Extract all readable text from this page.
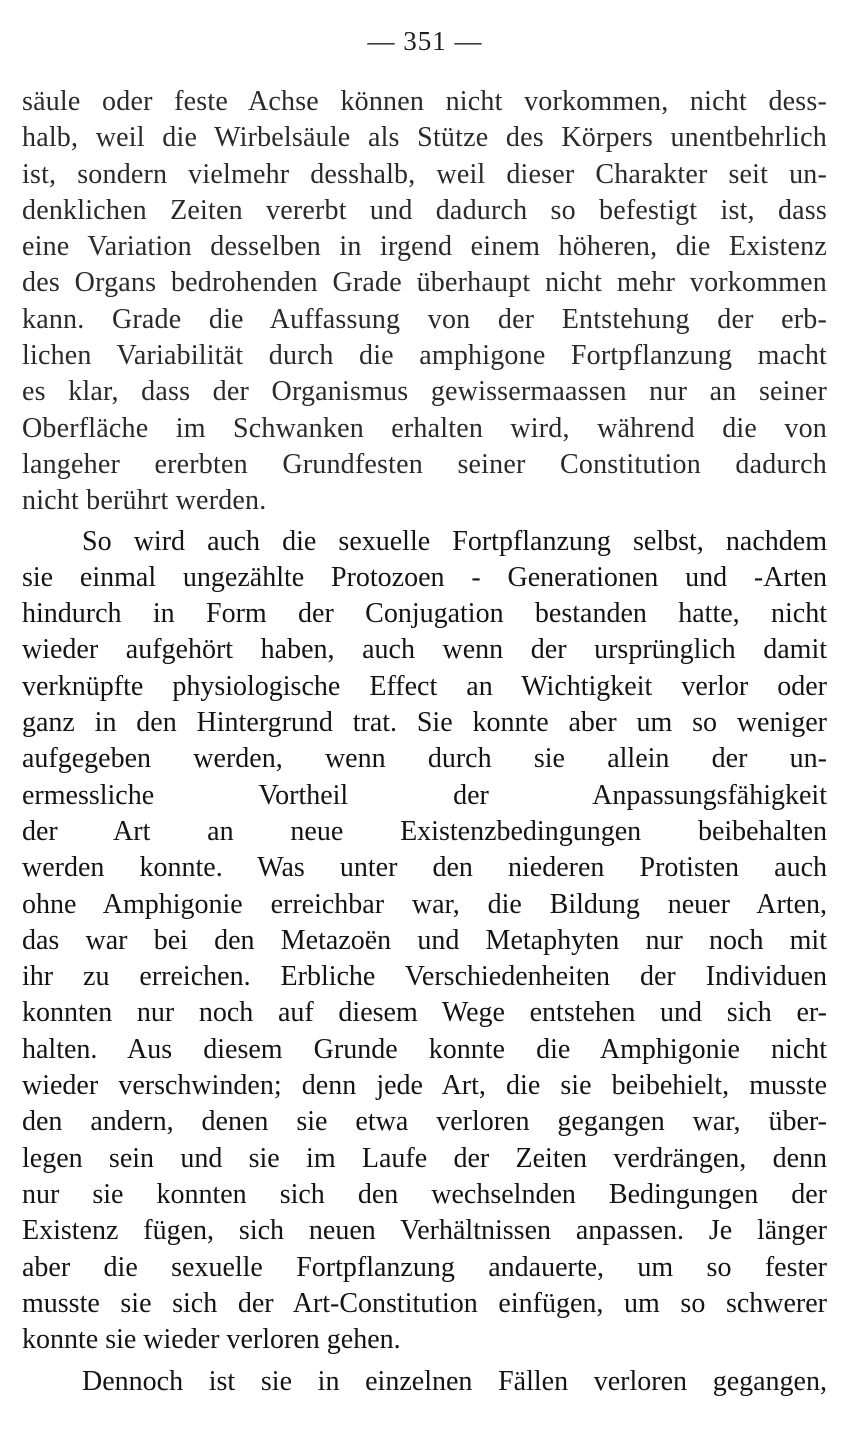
— 351 —
säule oder feste Achse können nicht vorkommen, nicht dess-
halb, weil die Wirbelsäule als Stütze des Körpers unentbehrlich
ist, sondern vielmehr desshalb, weil dieser Charakter seit un-
denklichen Zeiten vererbt und dadurch so befestigt ist, dass
eine Variation desselben in irgend einem höheren, die Existenz
des Organs bedrohenden Grade überhaupt nicht mehr vorkommen
kann. Grade die Auffassung von der Entstehung der erb-
lichen Variabilität durch die amphigone Fortpflanzung macht
es klar, dass der Organismus gewissermaassen nur an seiner
Oberfläche im Schwanken erhalten wird, während die von
langeher ererbten Grundfesten seiner Constitution dadurch
nicht berührt werden.
So wird auch die sexuelle Fortpflanzung selbst, nachdem
sie einmal ungezählte Protozoen - Generationen und -Arten
hindurch in Form der Conjugation bestanden hatte, nicht
wieder aufgehört haben, auch wenn der ursprünglich damit
verknüpfte physiologische Effect an Wichtigkeit verlor oder
ganz in den Hintergrund trat. Sie konnte aber um so weniger
aufgegeben werden, wenn durch sie allein der un-
ermessliche Vortheil der Anpassungsfähigkeit
der Art an neue Existenzbedingungen beibehalten
werden konnte. Was unter den niederen Protisten auch
ohne Amphigonie erreichbar war, die Bildung neuer Arten,
das war bei den Metazoën und Metaphyten nur noch mit
ihr zu erreichen. Erbliche Verschiedenheiten der Individuen
konnten nur noch auf diesem Wege entstehen und sich er-
halten. Aus diesem Grunde konnte die Amphigonie nicht
wieder verschwinden; denn jede Art, die sie beibehielt, musste
den andern, denen sie etwa verloren gegangen war, über-
legen sein und sie im Laufe der Zeiten verdrängen, denn
nur sie konnten sich den wechselnden Bedingungen der
Existenz fügen, sich neuen Verhältnissen anpassen. Je länger
aber die sexuelle Fortpflanzung andauerte, um so fester
musste sie sich der Art-Constitution einfügen, um so schwerer
konnte sie wieder verloren gehen.
Dennoch ist sie in einzelnen Fällen verloren gegangen,
